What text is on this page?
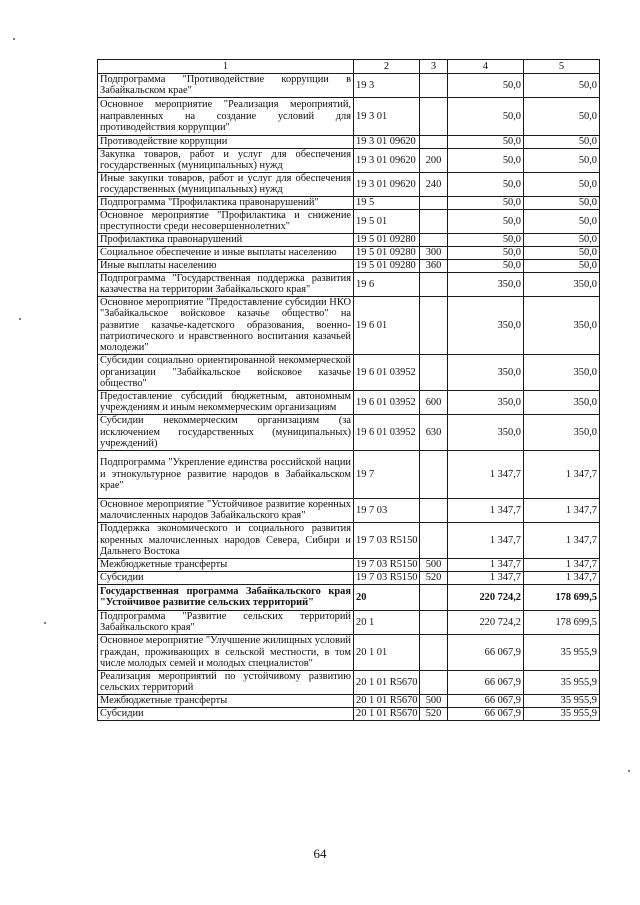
1	2	3	4	5
Подпрограмма "Противодействие коррупции в Забайкальском крае"	19 3		50,0	50,0
Основное мероприятие "Реализация мероприятий, направленных на создание условий для противодействия коррупции"	19 3 01		50,0	50,0
Противодействие коррупции	19 3 01 09620		50,0	50,0
Закупка товаров, работ и услуг для обеспечения государственных (муниципальных) нужд	19 3 01 09620	200	50,0	50,0
Иные закупки товаров, работ и услуг для обеспечения государственных (муниципальных) нужд	19 3 01 09620	240	50,0	50,0
Подпрограмма "Профилактика правонарушений"	19 5		50,0	50,0
Основное мероприятие "Профилактика и снижение преступности среди несовершеннолетних"	19 5 01		50,0	50,0
Профилактика правонарушений	19 5 01 09280		50,0	50,0
Социальное обеспечение и иные выплаты населению	19 5 01 09280	300	50,0	50,0
Иные выплаты населению	19 5 01 09280	360	50,0	50,0
Подпрограмма "Государственная поддержка развития казачества на территории Забайкальского края"	19 6		350,0	350,0
Основное мероприятие "Предоставление субсидии НКО "Забайкальское войсковое казачье общество" на развитие казачье-кадетского образования, военно-патриотического и нравственного воспитания казачьей молодежи"	19 6 01		350,0	350,0
Субсидии социально ориентированной некоммерческой организации "Забайкальское войсковое казачье общество"	19 6 01 03952		350,0	350,0
Предоставление субсидий бюджетным, автономным учреждениям и иным некоммерческим организациям	19 6 01 03952	600	350,0	350,0
Субсидии некоммерческим организациям (за исключением государственных (муниципальных) учреждений)	19 6 01 03952	630	350,0	350,0
Подпрограмма "Укрепление единства российской нации и этнокультурное развитие народов в Забайкальском крае"	19 7		1 347,7	1 347,7
Основное мероприятие "Устойчивое развитие коренных малочисленных народов Забайкальского края"	19 7 03		1 347,7	1 347,7
Поддержка экономического и социального развития коренных малочисленных народов Севера, Сибири и Дальнего Востока	19 7 03 R5150		1 347,7	1 347,7
Межбюджетные трансферты	19 7 03 R5150	500	1 347,7	1 347,7
Субсидии	19 7 03 R5150	520	1 347,7	1 347,7
Государственная программа Забайкальского края "Устойчивое развитие сельских территорий"	20		220 724,2	178 699,5
Подпрограмма "Развитие сельских территорий Забайкальского края"	20 1		220 724,2	178 699,5
Основное мероприятие "Улучшение жилищных условий граждан, проживающих в сельской местности, в том числе молодых семей и молодых специалистов"	20 1 01		66 067,9	35 955,9
Реализация мероприятий по устойчивому развитию сельских территорий	20 1 01 R5670		66 067,9	35 955,9
Межбюджетные трансферты	20 1 01 R5670	500	66 067,9	35 955,9
Субсидии	20 1 01 R5670	520	66 067,9	35 955,9
64
